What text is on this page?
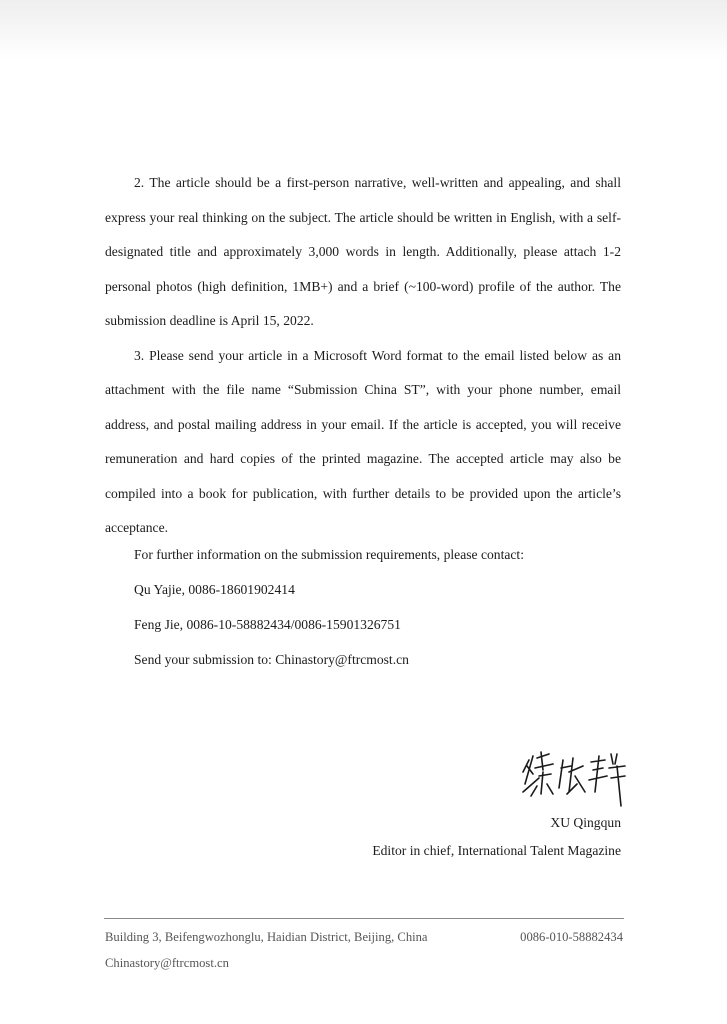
2. The article should be a first-person narrative, well-written and appealing, and shall express your real thinking on the subject. The article should be written in English, with a self-designated title and approximately 3,000 words in length. Additionally, please attach 1-2 personal photos (high definition, 1MB+) and a brief (~100-word) profile of the author. The submission deadline is April 15, 2022.

3. Please send your article in a Microsoft Word format to the email listed below as an attachment with the file name “Submission China ST”, with your phone number, email address, and postal mailing address in your email. If the article is accepted, you will receive remuneration and hard copies of the printed magazine. The accepted article may also be compiled into a book for publication, with further details to be provided upon the article’s acceptance.

For further information on the submission requirements, please contact:
Qu Yajie, 0086-18601902414
Feng Jie, 0086-10-58882434/0086-15901326751
Send your submission to: Chinastory@ftrcmost.cn
XU Qingqun
Editor in chief, International Talent Magazine
Building 3, Beifengwozhonglu, Haidian District, Beijing, China	0086-010-58882434
Chinastory@ftrcmost.cn
